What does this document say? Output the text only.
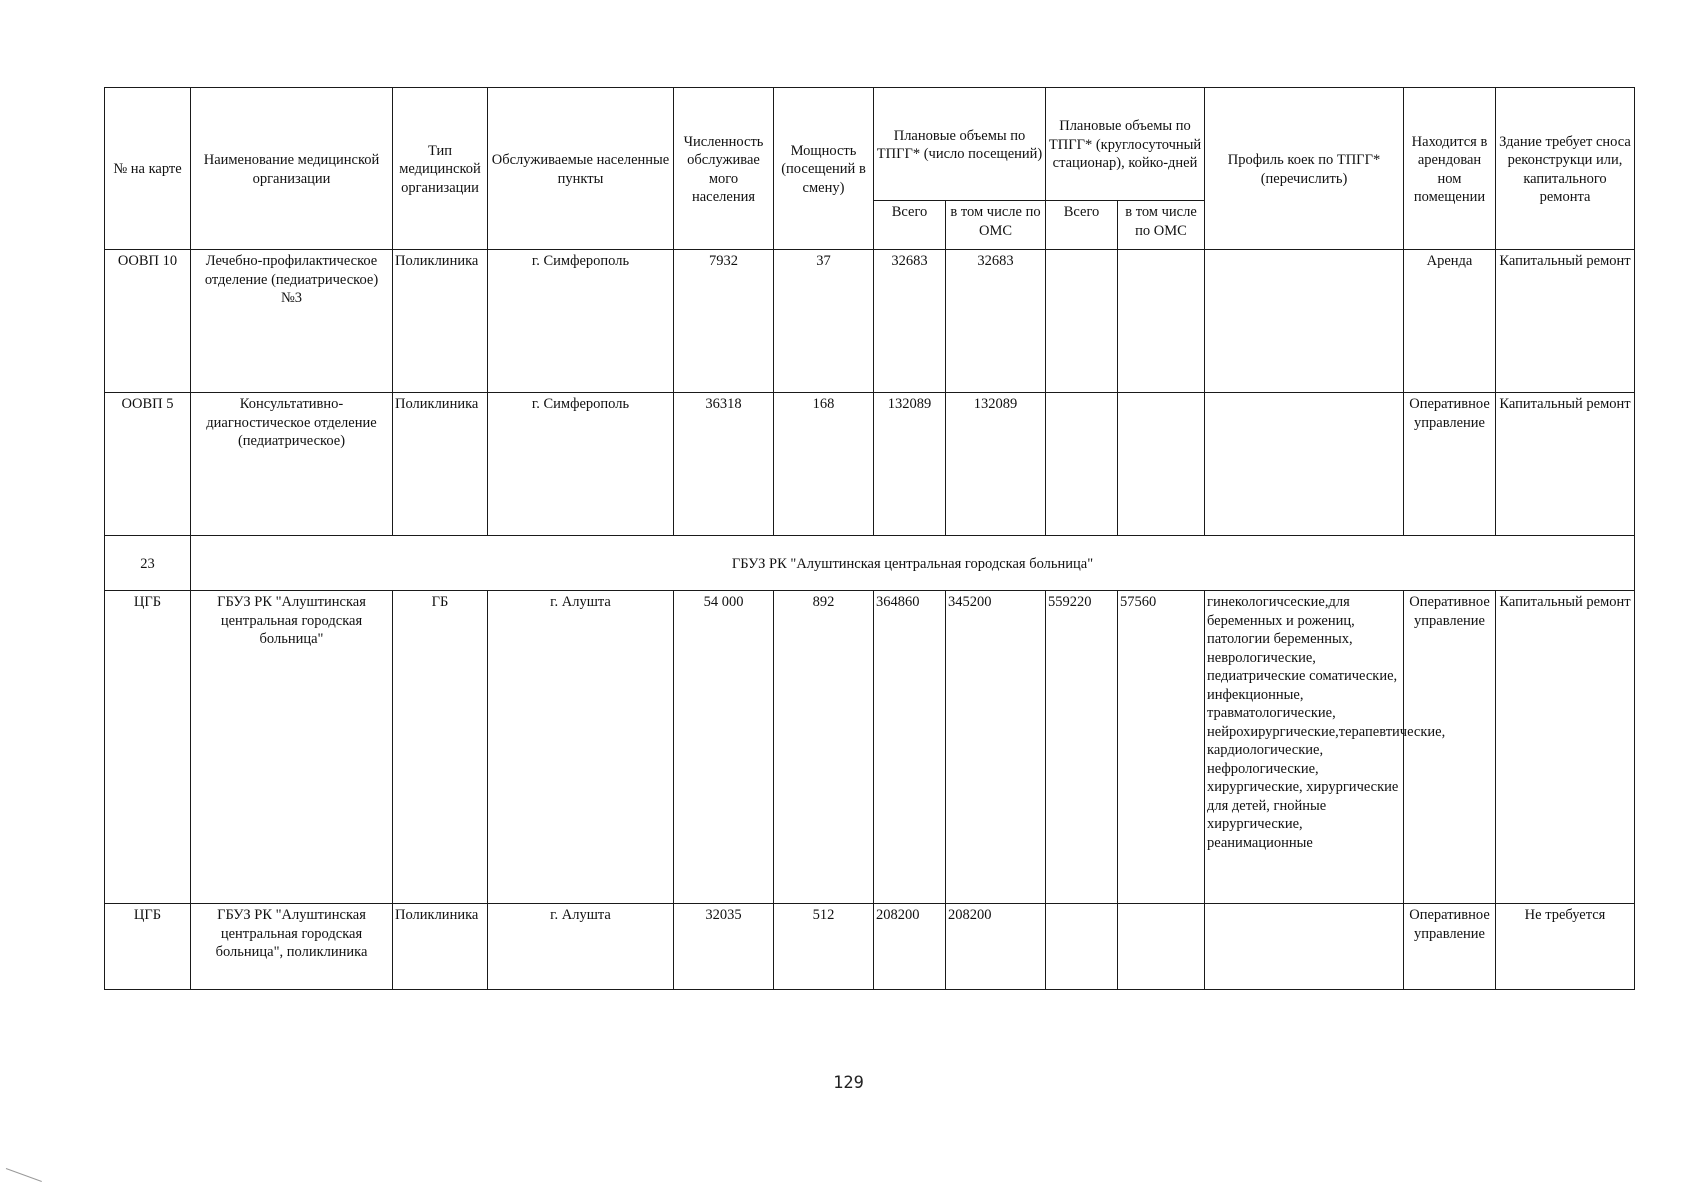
№ на карте	Наименование медицинской организации	Тип медицинской организации	Обслуживаемые населенные пункты	Численность обслуживае мого населения	Мощность (посещений в смену)	Плановые объемы по ТПГГ* (число посещений)		Плановые объемы по ТПГГ* (круглосуточный стационар), койко-дней		Профиль коек по ТПГГ* (перечислить)	Находится в арендован ном помещении	Здание требует сноса реконструкци или, капитального ремонта
						Всего	в том числе по ОМС	Всего	в том числе по ОМС			
ООВП 10	Лечебно-профилактическое отделение (педиатрическое) №3	Поликлиника	г. Симферополь	7932	37	32683	32683				Аренда	Капитальный ремонт
ООВП 5	Консультативно-диагностическое отделение (педиатрическое)	Поликлиника	г. Симферополь	36318	168	132089	132089				Оперативное управление	Капитальный ремонт
23	ГБУЗ РК "Алуштинская центральная городская больница"											
ЦГБ	ГБУЗ РК "Алуштинская центральная городская больница"	ГБ	г. Алушта	54 000	892	364860	345200	559220	57560	гинекологичсеские,для беременных и рожениц, патологии беременных, неврологические, педиатрические соматические, инфекционные, травматологические, нейрохирургические,терапевтические, кардиологические, нефрологические, хирургические, хирургические для детей, гнойные хирургические, реанимационные	Оперативное управление	Капитальный ремонт
ЦГБ	ГБУЗ РК "Алуштинская центральная городская больница", поликлиника	Поликлиника	г. Алушта	32035	512	208200	208200				Оперативное управление	Не требуется
129
